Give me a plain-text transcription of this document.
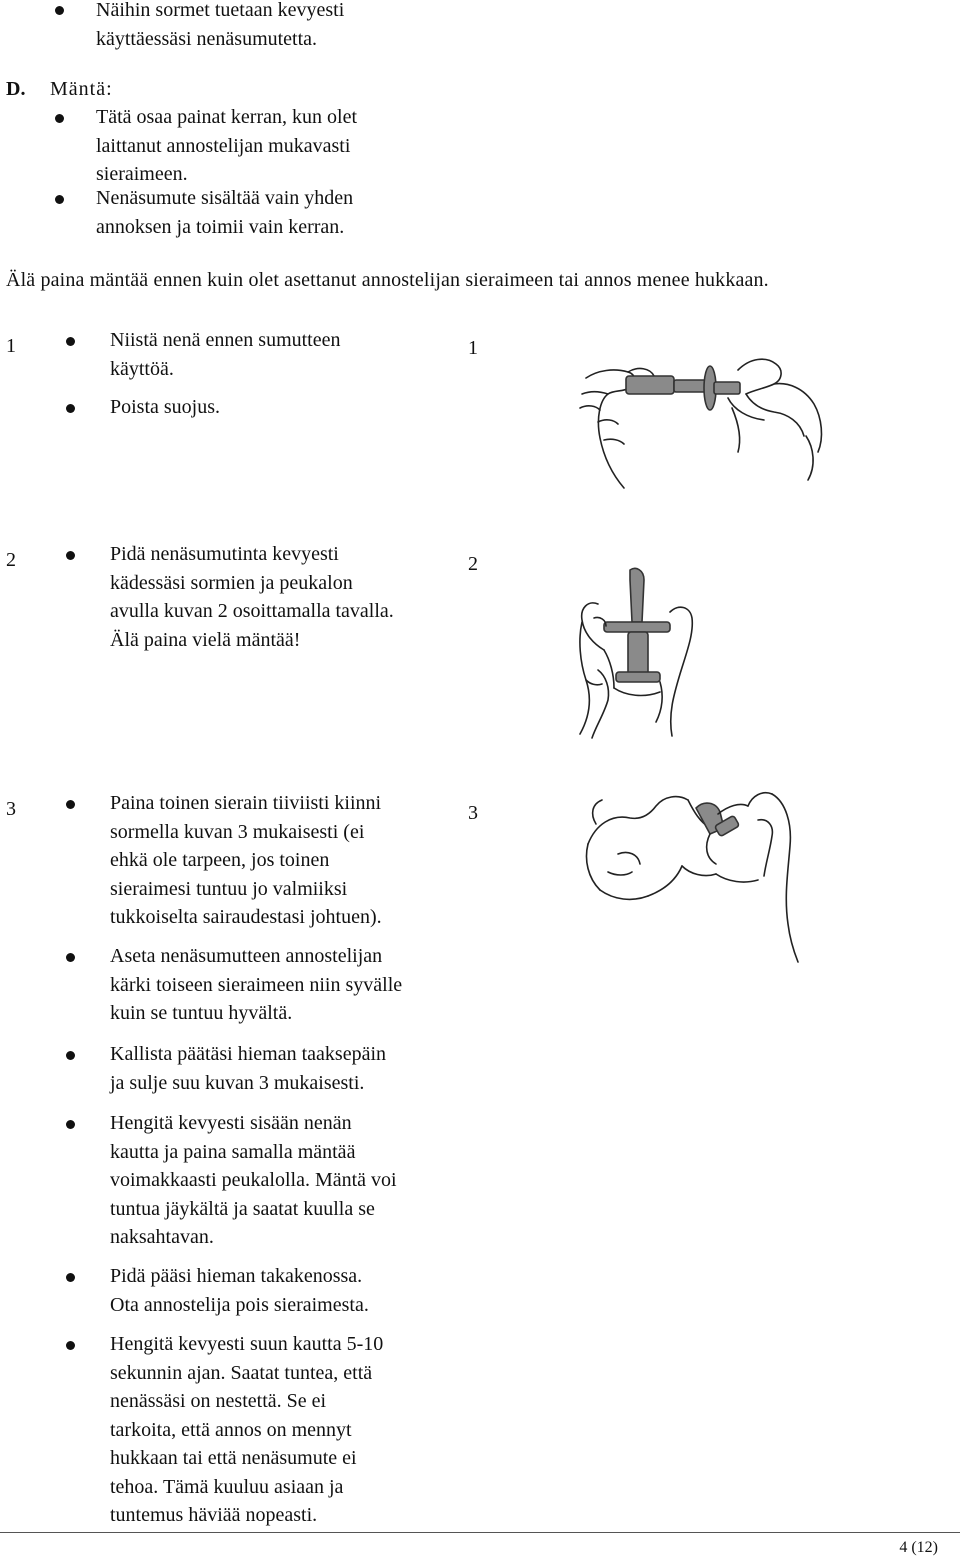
Näihin sormet tuetaan kevyesti
käyttäessäsi nenäsumutetta.
D. Mäntä:
Tätä osaa painat kerran, kun olet
laittanut annostelijan mukavasti
sieraimeen.
Nenäsumute sisältää vain yhden
annoksen ja toimii vain kerran.
Älä paina mäntää ennen kuin olet asettanut annostelijan sieraimeen tai annos menee hukkaan.
1	Niistä nenä ennen sumutteen
käyttöä.
Poista suojus.
1
2	Pidä nenäsumutinta kevyesti
kädessäsi sormien ja peukalon
avulla kuvan 2 osoittamalla tavalla.
Älä paina vielä mäntää!
2
3	Paina toinen sierain tiiviisti kiinni
sormella kuvan 3 mukaisesti (ei
ehkä ole tarpeen, jos toinen
sieraimesi tuntuu jo valmiiksi
tukkoiselta sairaudestasi johtuen).
3
Aseta nenäsumutteen annostelijan
kärki toiseen sieraimeen niin syvälle
kuin se tuntuu hyvältä.
Kallista päätäsi hieman taaksepäin
ja sulje suu kuvan 3 mukaisesti.
Hengitä kevyesti sisään nenän
kautta ja paina samalla mäntää
voimakkaasti peukalolla. Mäntä voi
tuntua jäykältä ja saatat kuulla se
naksahtavan.
Pidä pääsi hieman takakenossa.
Ota annostelija pois sieraimesta.
Hengitä kevyesti suun kautta 5-10
sekunnin ajan. Saatat tuntea, että
nenässäsi on nestettä. Se ei
tarkoita, että annos on mennyt
hukkaan tai että nenäsumute ei
tehoa. Tämä kuuluu asiaan ja
tuntemus häviää nopeasti.
4 (12)
